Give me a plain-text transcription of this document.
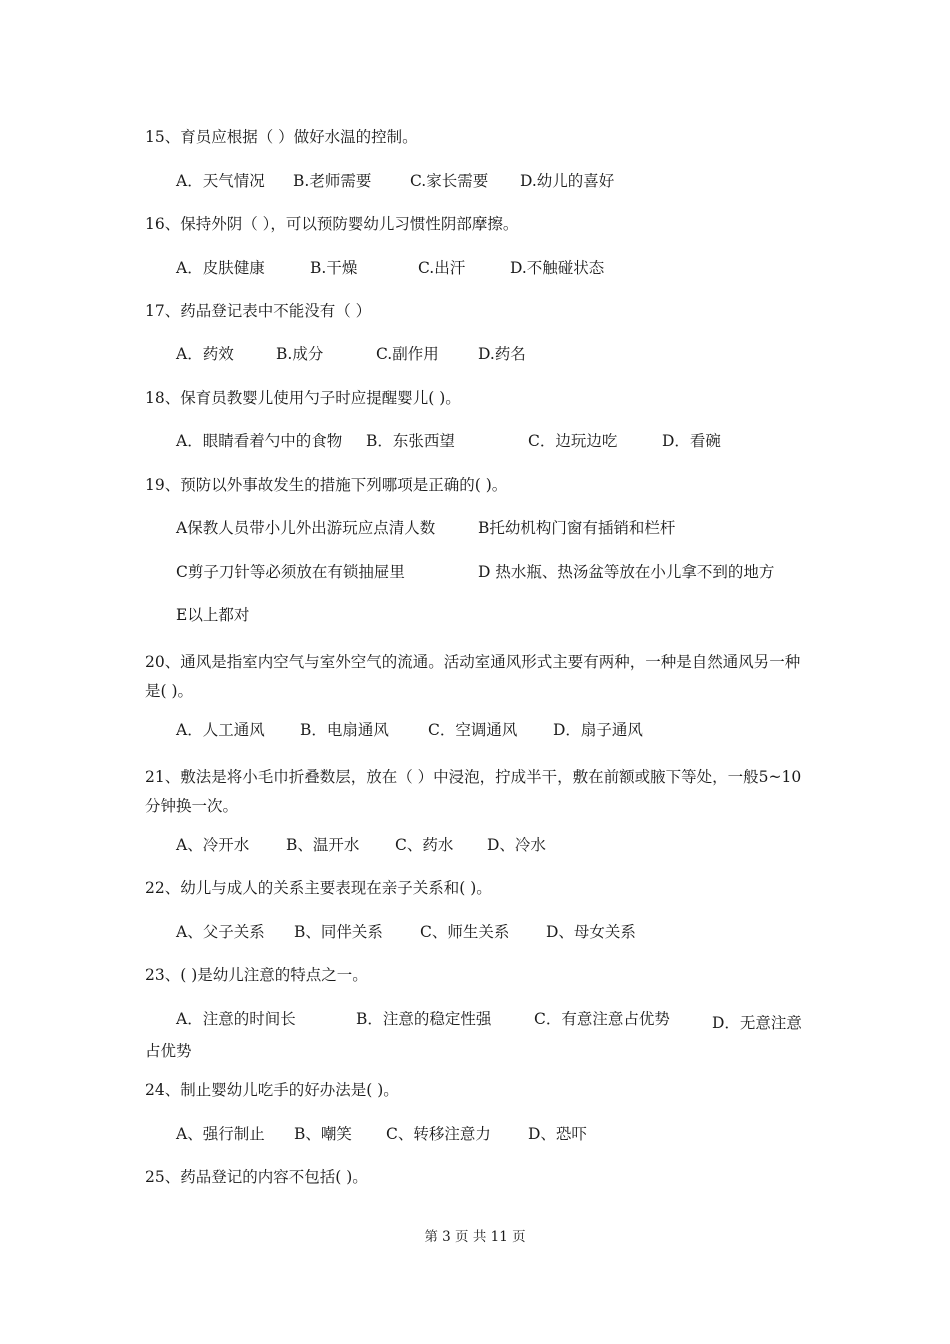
15、育员应根据（ ）做好水温的控制。
A．天气情况 B.老师需要 C.家长需要 D.幼儿的喜好
16、保持外阴（ ），可以预防婴幼儿习惯性阴部摩擦。
A．皮肤健康	B.干燥	C.出汗	D.不触碰状态
17、药品登记表中不能没有（ ）
A．药效	B.成分	C.副作用	D.药名
18、保育员教婴儿使用勺子时应提醒婴儿( )。
A．眼睛看着勺中的食物 B．东张西望	C．边玩边吃	D．看碗
19、预防以外事故发生的措施下列哪项是正确的( )。
A保教人员带小儿外出游玩应点清人数	B托幼机构门窗有插销和栏杆
C剪子刀针等必须放在有锁抽屉里	D 热水瓶、热汤盆等放在小儿拿不到的地方
E以上都对
20、通风是指室内空气与室外空气的流通。活动室通风形式主要有两种，一种是自然通风另一种是( )。
A．人工通风 B．电扇通风	C．空调通风 D．扇子通风
21、敷法是将小毛巾折叠数层，放在（ ）中浸泡，拧成半干，敷在前额或腋下等处，一般5~10分钟换一次。
A、冷开水 B、温开水 C、药水 D、冷水
22、幼儿与成人的关系主要表现在亲子关系和( )。
A、父子关系 B、同伴关系 C、师生关系 D、母女关系
23、( )是幼儿注意的特点之一。
A．注意的时间长	B．注意的稳定性强	C．有意注意占优势	D．无意注意
占优势
24、制止婴幼儿吃手的好办法是( )。
A、强行制止 B、嘲笑 C、转移注意力 D、恐吓
25、药品登记的内容不包括( )。
第 3 页 共 11 页
